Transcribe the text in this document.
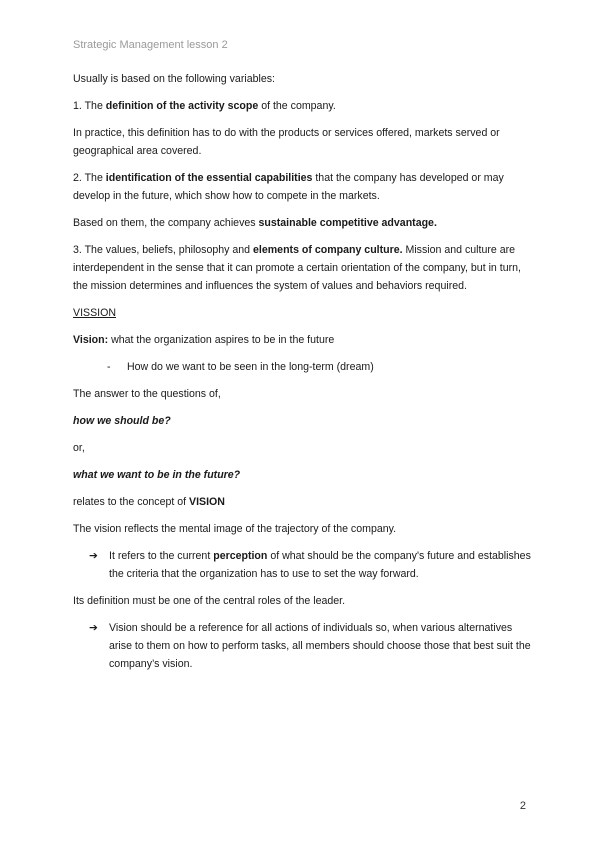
Strategic Management lesson 2

Usually is based on the following variables:

1. The definition of the activity scope of the company.

In practice, this definition has to do with the products or services offered, markets served or geographical area covered.

2. The identification of the essential capabilities that the company has developed or may develop in the future, which show how to compete in the markets.

Based on them, the company achieves sustainable competitive advantage.

3. The values, beliefs, philosophy and elements of company culture. Mission and culture are interdependent in the sense that it can promote a certain orientation of the company, but in turn, the mission determines and influences the system of values and behaviors required.

VISSION

Vision: what the organization aspires to be in the future

- How do we want to be seen in the long-term (dream)

The answer to the questions of,

how we should be?

or,

what we want to be in the future?

relates to the concept of VISION

The vision reflects the mental image of the trajectory of the company.

➔ It refers to the current perception of what should be the company's future and establishes the criteria that the organization has to use to set the way forward.

Its definition must be one of the central roles of the leader.

➔ Vision should be a reference for all actions of individuals so, when various alternatives arise to them on how to perform tasks, all members should choose those that best suit the company’s vision.
2
